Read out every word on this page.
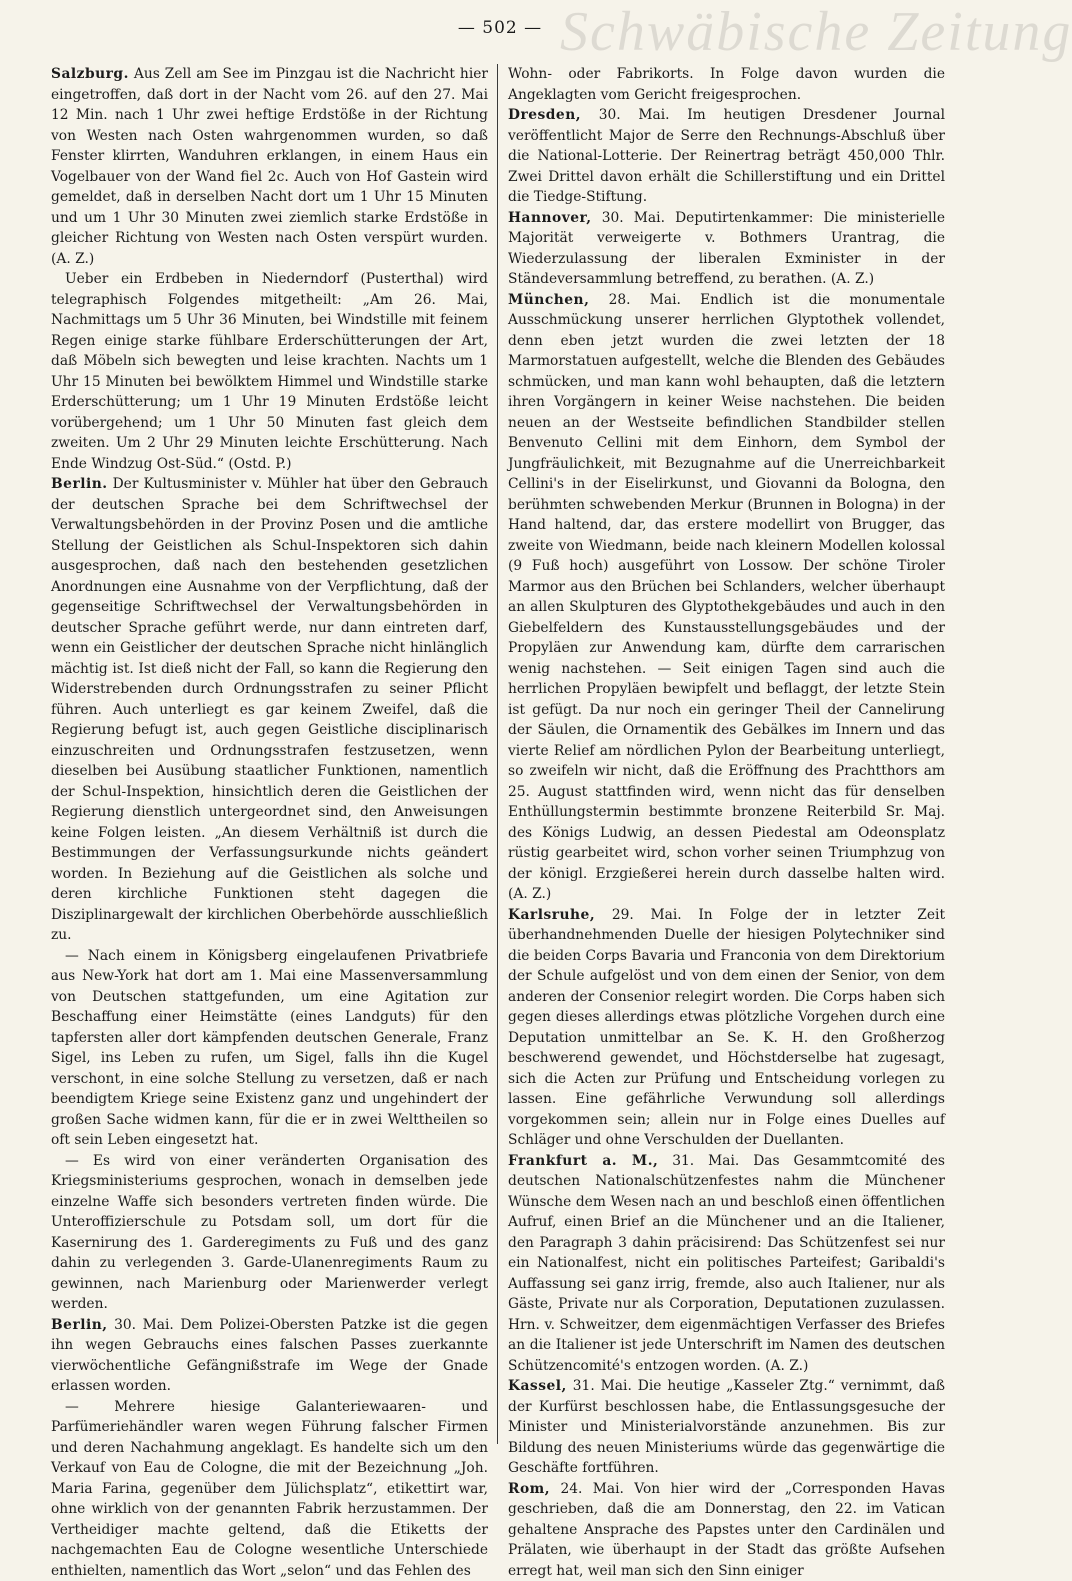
Schwäbische Zeitung
— 502 —

Salzburg. Aus Zell am See im Pinzgau ist die Nachricht hier eingetroffen, daß dort in der Nacht vom 26. auf den 27. Mai 12 Min. nach 1 Uhr zwei heftige Erdstöße in der Richtung von Westen nach Osten wahrgenommen wurden, so daß Fenster klirrten, Wanduhren erklangen, in einem Haus ein Vogelbauer von der Wand fiel 2c. Auch von Hof Gastein wird gemeldet, daß in derselben Nacht dort um 1 Uhr 15 Minuten und um 1 Uhr 30 Minuten zwei ziemlich starke Erdstöße in gleicher Richtung von Westen nach Osten verspürt wurden. (A. Z.)

Ueber ein Erdbeben in Niederndorf (Pusterthal) wird telegraphisch Folgendes mitgetheilt: „Am 26. Mai, Nachmittags um 5 Uhr 36 Minuten, bei Windstille mit feinem Regen einige starke fühlbare Erderschütterungen der Art, daß Möbeln sich bewegten und leise krachten. Nachts um 1 Uhr 15 Minuten bei bewölktem Himmel und Windstille starke Erderschütterung; um 1 Uhr 19 Minuten Erdstöße leicht vorübergehend; um 1 Uhr 50 Minuten fast gleich dem zweiten. Um 2 Uhr 29 Minuten leichte Erschütterung. Nach Ende Windzug Ost-Süd.“ (Ostd. P.)

Berlin. Der Kultusminister v. Mühler hat über den Gebrauch der deutschen Sprache bei dem Schriftwechsel der Verwaltungsbehörden in der Provinz Posen und die amtliche Stellung der Geistlichen als Schul-Inspektoren sich dahin ausgesprochen, daß nach den bestehenden gesetzlichen Anordnungen eine Ausnahme von der Verpflichtung, daß der gegenseitige Schriftwechsel der Verwaltungsbehörden in deutscher Sprache geführt werde, nur dann eintreten darf, wenn ein Geistlicher der deutschen Sprache nicht hinlänglich mächtig ist. Ist dieß nicht der Fall, so kann die Regierung den Widerstrebenden durch Ordnungsstrafen zu seiner Pflicht führen. Auch unterliegt es gar keinem Zweifel, daß die Regierung befugt ist, auch gegen Geistliche disciplinarisch einzuschreiten und Ordnungsstrafen festzusetzen, wenn dieselben bei Ausübung staatlicher Funktionen, namentlich der Schul-Inspektion, hinsichtlich deren die Geistlichen der Regierung dienstlich untergeordnet sind, den Anweisungen keine Folgen leisten. „An diesem Verhältniß ist durch die Bestimmungen der Verfassungsurkunde nichts geändert worden. In Beziehung auf die Geistlichen als solche und deren kirchliche Funktionen steht dagegen die Disziplinargewalt der kirchlichen Oberbehörde ausschließlich zu.

— Nach einem in Königsberg eingelaufenen Privatbriefe aus New-York hat dort am 1. Mai eine Massenversammlung von Deutschen stattgefunden, um eine Agitation zur Beschaffung einer Heimstätte (eines Landguts) für den tapfersten aller dort kämpfenden deutschen Generale, Franz Sigel, ins Leben zu rufen, um Sigel, falls ihn die Kugel verschont, in eine solche Stellung zu versetzen, daß er nach beendigtem Kriege seine Existenz ganz und ungehindert der großen Sache widmen kann, für die er in zwei Welttheilen so oft sein Leben eingesetzt hat.

— Es wird von einer veränderten Organisation des Kriegsministeriums gesprochen, wonach in demselben jede einzelne Waffe sich besonders vertreten finden würde. Die Unteroffizierschule zu Potsdam soll, um dort für die Kasernirung des 1. Garderegiments zu Fuß und des ganz dahin zu verlegenden 3. Garde-Ulanenregiments Raum zu gewinnen, nach Marienburg oder Marienwerder verlegt werden.

Berlin, 30. Mai. Dem Polizei-Obersten Patzke ist die gegen ihn wegen Gebrauchs eines falschen Passes zuerkannte vierwöchentliche Gefängnißstrafe im Wege der Gnade erlassen worden.

— Mehrere hiesige Galanteriewaaren- und Parfümeriehändler waren wegen Führung falscher Firmen und deren Nachahmung angeklagt. Es handelte sich um den Verkauf von Eau de Cologne, die mit der Bezeichnung „Joh. Maria Farina, gegenüber dem Jülichsplatz“, etikettirt war, ohne wirklich von der genannten Fabrik herzustammen. Der Vertheidiger machte geltend, daß die Etiketts der nachgemachten Eau de Cologne wesentliche Unterschiede enthielten, namentlich das Wort „selon“ und das Fehlen des

Wohn- oder Fabrikorts. In Folge davon wurden die Angeklagten vom Gericht freigesprochen.

Dresden, 30. Mai. Im heutigen Dresdener Journal veröffentlicht Major de Serre den Rechnungs-Abschluß über die National-Lotterie. Der Reinertrag beträgt 450,000 Thlr. Zwei Drittel davon erhält die Schillerstiftung und ein Drittel die Tiedge-Stiftung.

Hannover, 30. Mai. Deputirtenkammer: Die ministerielle Majorität verweigerte v. Bothmers Urantrag, die Wiederzulassung der liberalen Exminister in der Ständeversammlung betreffend, zu berathen. (A. Z.)

München, 28. Mai. Endlich ist die monumentale Ausschmückung unserer herrlichen Glyptothek vollendet, denn eben jetzt wurden die zwei letzten der 18 Marmorstatuen aufgestellt, welche die Blenden des Gebäudes schmücken, und man kann wohl behaupten, daß die letztern ihren Vorgängern in keiner Weise nachstehen. Die beiden neuen an der Westseite befindlichen Standbilder stellen Benvenuto Cellini mit dem Einhorn, dem Symbol der Jungfräulichkeit, mit Bezugnahme auf die Unerreichbarkeit Cellini's in der Eiselirkunst, und Giovanni da Bologna, den berühmten schwebenden Merkur (Brunnen in Bologna) in der Hand haltend, dar, das erstere modellirt von Brugger, das zweite von Wiedmann, beide nach kleinern Modellen kolossal (9 Fuß hoch) ausgeführt von Lossow. Der schöne Tiroler Marmor aus den Brüchen bei Schlanders, welcher überhaupt an allen Skulpturen des Glyptothekgebäudes und auch in den Giebelfeldern des Kunstausstellungsgebäudes und der Propyläen zur Anwendung kam, dürfte dem carrarischen wenig nachstehen. — Seit einigen Tagen sind auch die herrlichen Propyläen bewipfelt und beflaggt, der letzte Stein ist gefügt. Da nur noch ein geringer Theil der Cannelirung der Säulen, die Ornamentik des Gebälkes im Innern und das vierte Relief am nördlichen Pylon der Bearbeitung unterliegt, so zweifeln wir nicht, daß die Eröffnung des Prachtthors am 25. August stattfinden wird, wenn nicht das für denselben Enthüllungstermin bestimmte bronzene Reiterbild Sr. Maj. des Königs Ludwig, an dessen Piedestal am Odeonsplatz rüstig gearbeitet wird, schon vorher seinen Triumphzug von der königl. Erzgießerei herein durch dasselbe halten wird. (A. Z.)

Karlsruhe, 29. Mai. In Folge der in letzter Zeit überhandnehmenden Duelle der hiesigen Polytechniker sind die beiden Corps Bavaria und Franconia von dem Direktorium der Schule aufgelöst und von dem einen der Senior, von dem anderen der Consenior relegirt worden. Die Corps haben sich gegen dieses allerdings etwas plötzliche Vorgehen durch eine Deputation unmittelbar an Se. K. H. den Großherzog beschwerend gewendet, und Höchstderselbe hat zugesagt, sich die Acten zur Prüfung und Entscheidung vorlegen zu lassen. Eine gefährliche Verwundung soll allerdings vorgekommen sein; allein nur in Folge eines Duelles auf Schläger und ohne Verschulden der Duellanten.

Frankfurt a. M., 31. Mai. Das Gesammtcomité des deutschen Nationalschützenfestes nahm die Münchener Wünsche dem Wesen nach an und beschloß einen öffentlichen Aufruf, einen Brief an die Münchener und an die Italiener, den Paragraph 3 dahin präcisirend: Das Schützenfest sei nur ein Nationalfest, nicht ein politisches Parteifest; Garibaldi's Auffassung sei ganz irrig, fremde, also auch Italiener, nur als Gäste, Private nur als Corporation, Deputationen zuzulassen. Hrn. v. Schweitzer, dem eigenmächtigen Verfasser des Briefes an die Italiener ist jede Unterschrift im Namen des deutschen Schützencomité's entzogen worden. (A. Z.)

Kassel, 31. Mai. Die heutige „Kasseler Ztg.“ vernimmt, daß der Kurfürst beschlossen habe, die Entlassungsgesuche der Minister und Ministerialvorstände anzunehmen. Bis zur Bildung des neuen Ministeriums würde das gegenwärtige die Geschäfte fortführen.

Rom, 24. Mai. Von hier wird der „Corresponden Havas geschrieben, daß die am Donnerstag, den 22. im Vatican gehaltene Ansprache des Papstes unter den Cardinälen und Prälaten, wie überhaupt in der Stadt das größte Aufsehen erregt hat, weil man sich den Sinn einiger
